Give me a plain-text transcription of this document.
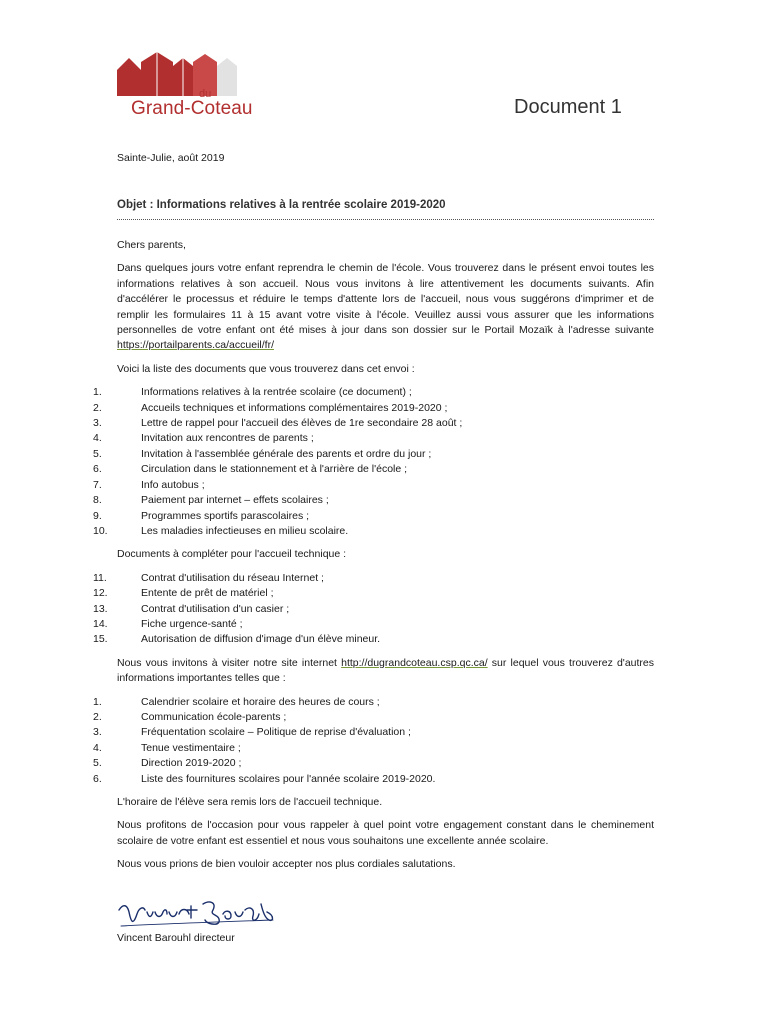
du
Grand-Coteau	Document 1
Sainte-Julie, août 2019
Objet : Informations relatives à la rentrée scolaire 2019-2020

Chers parents,

Dans quelques jours votre enfant reprendra le chemin de l'école. Vous trouverez dans le présent envoi toutes les informations relatives à son accueil. Nous vous invitons à lire attentivement les documents suivants. Afin d'accélérer le processus et réduire le temps d'attente lors de l'accueil, nous vous suggérons d'imprimer et de remplir les formulaires 11 à 15 avant votre visite à l'école. Veuillez aussi vous assurer que les informations personnelles de votre enfant ont été mises à jour dans son dossier sur le Portail Mozaïk à l'adresse suivante https://portailparents.ca/accueil/fr/

Voici la liste des documents que vous trouverez dans cet envoi :

1.	Informations relatives à la rentrée scolaire (ce document) ;
2.	Accueils techniques et informations complémentaires 2019-2020 ;
3.	Lettre de rappel pour l'accueil des élèves de 1re secondaire 28 août ;
4.	Invitation aux rencontres de parents ;
5.	Invitation à l'assemblée générale des parents et ordre du jour ;
6.	Circulation dans le stationnement et à l'arrière de l'école ;
7.	Info autobus ;
8.	Paiement par internet – effets scolaires ;
9.	Programmes sportifs parascolaires ;
10.	Les maladies infectieuses en milieu scolaire.

Documents à compléter pour l'accueil technique :

11.	Contrat d'utilisation du réseau Internet ;
12.	Entente de prêt de matériel ;
13.	Contrat d'utilisation d'un casier ;
14.	Fiche urgence-santé ;
15.	Autorisation de diffusion d'image d'un élève mineur.

Nous vous invitons à visiter notre site internet http://dugrandcoteau.csp.qc.ca/ sur lequel vous trouverez d'autres informations importantes telles que :

1.	Calendrier scolaire et horaire des heures de cours ;
2.	Communication école-parents ;
3.	Fréquentation scolaire – Politique de reprise d'évaluation ;
4.	Tenue vestimentaire ;
5.	Direction 2019-2020 ;
6.	Liste des fournitures scolaires pour l'année scolaire 2019-2020.

L'horaire de l'élève sera remis lors de l'accueil technique.

Nous profitons de l'occasion pour vous rappeler à quel point votre engagement constant dans le cheminement scolaire de votre enfant est essentiel et nous vous souhaitons une excellente année scolaire.

Nous vous prions de bien vouloir accepter nos plus cordiales salutations.

Vincent Barouhl directeur
